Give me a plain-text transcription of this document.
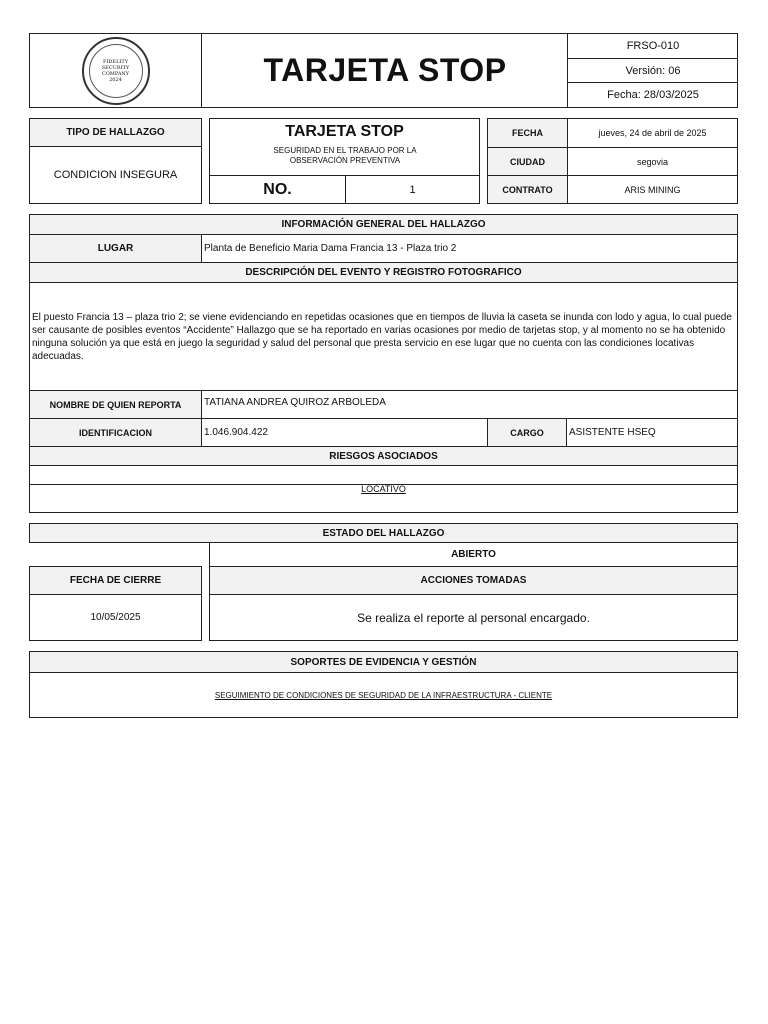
FIDELITY SECURITY COMPANY 2024	TARJETA STOP
FRSO-010
Versión: 06
Fecha: 28/03/2025
TIPO DE HALLAZGO
CONDICION INSEGURA
TARJETA STOP
SEGURIDAD EN EL TRABAJO POR LA OBSERVACIÓN PREVENTIVA
NO.	1
FECHA	jueves, 24 de abril de 2025
CIUDAD	segovia
CONTRATO	ARIS MINING
INFORMACIÓN GENERAL DEL HALLAZGO
LUGAR	Planta de Beneficio Maria Dama Francia 13 - Plaza trio 2
DESCRIPCIÓN DEL EVENTO Y REGISTRO FOTOGRAFICO
El puesto Francia 13 – plaza trio 2; se viene evidenciando en repetidas ocasiones que en tiempos de lluvia la caseta se inunda con lodo y agua, lo cual puede ser causante de posibles eventos “Accidente” Hallazgo que se ha reportado en varias ocasiones por medio de tarjetas stop, y al momento no se ha obtenido ninguna solución ya que está en juego la seguridad y salud del personal que presta servicio en ese lugar que no cuenta con las condiciones locativas adecuadas.
NOMBRE DE QUIEN REPORTA	TATIANA ANDREA QUIROZ ARBOLEDA
IDENTIFICACION	1.046.904.422	CARGO	ASISTENTE HSEQ
RIESGOS ASOCIADOS
LOCATIVO
ESTADO DEL HALLAZGO
ABIERTO
FECHA DE CIERRE
10/05/2025
ACCIONES TOMADAS
Se realiza el reporte al personal encargado.
SOPORTES DE EVIDENCIA Y GESTIÓN
SEGUIMIENTO DE CONDICIONES DE SEGURIDAD DE LA INFRAESTRUCTURA - CLIENTE
